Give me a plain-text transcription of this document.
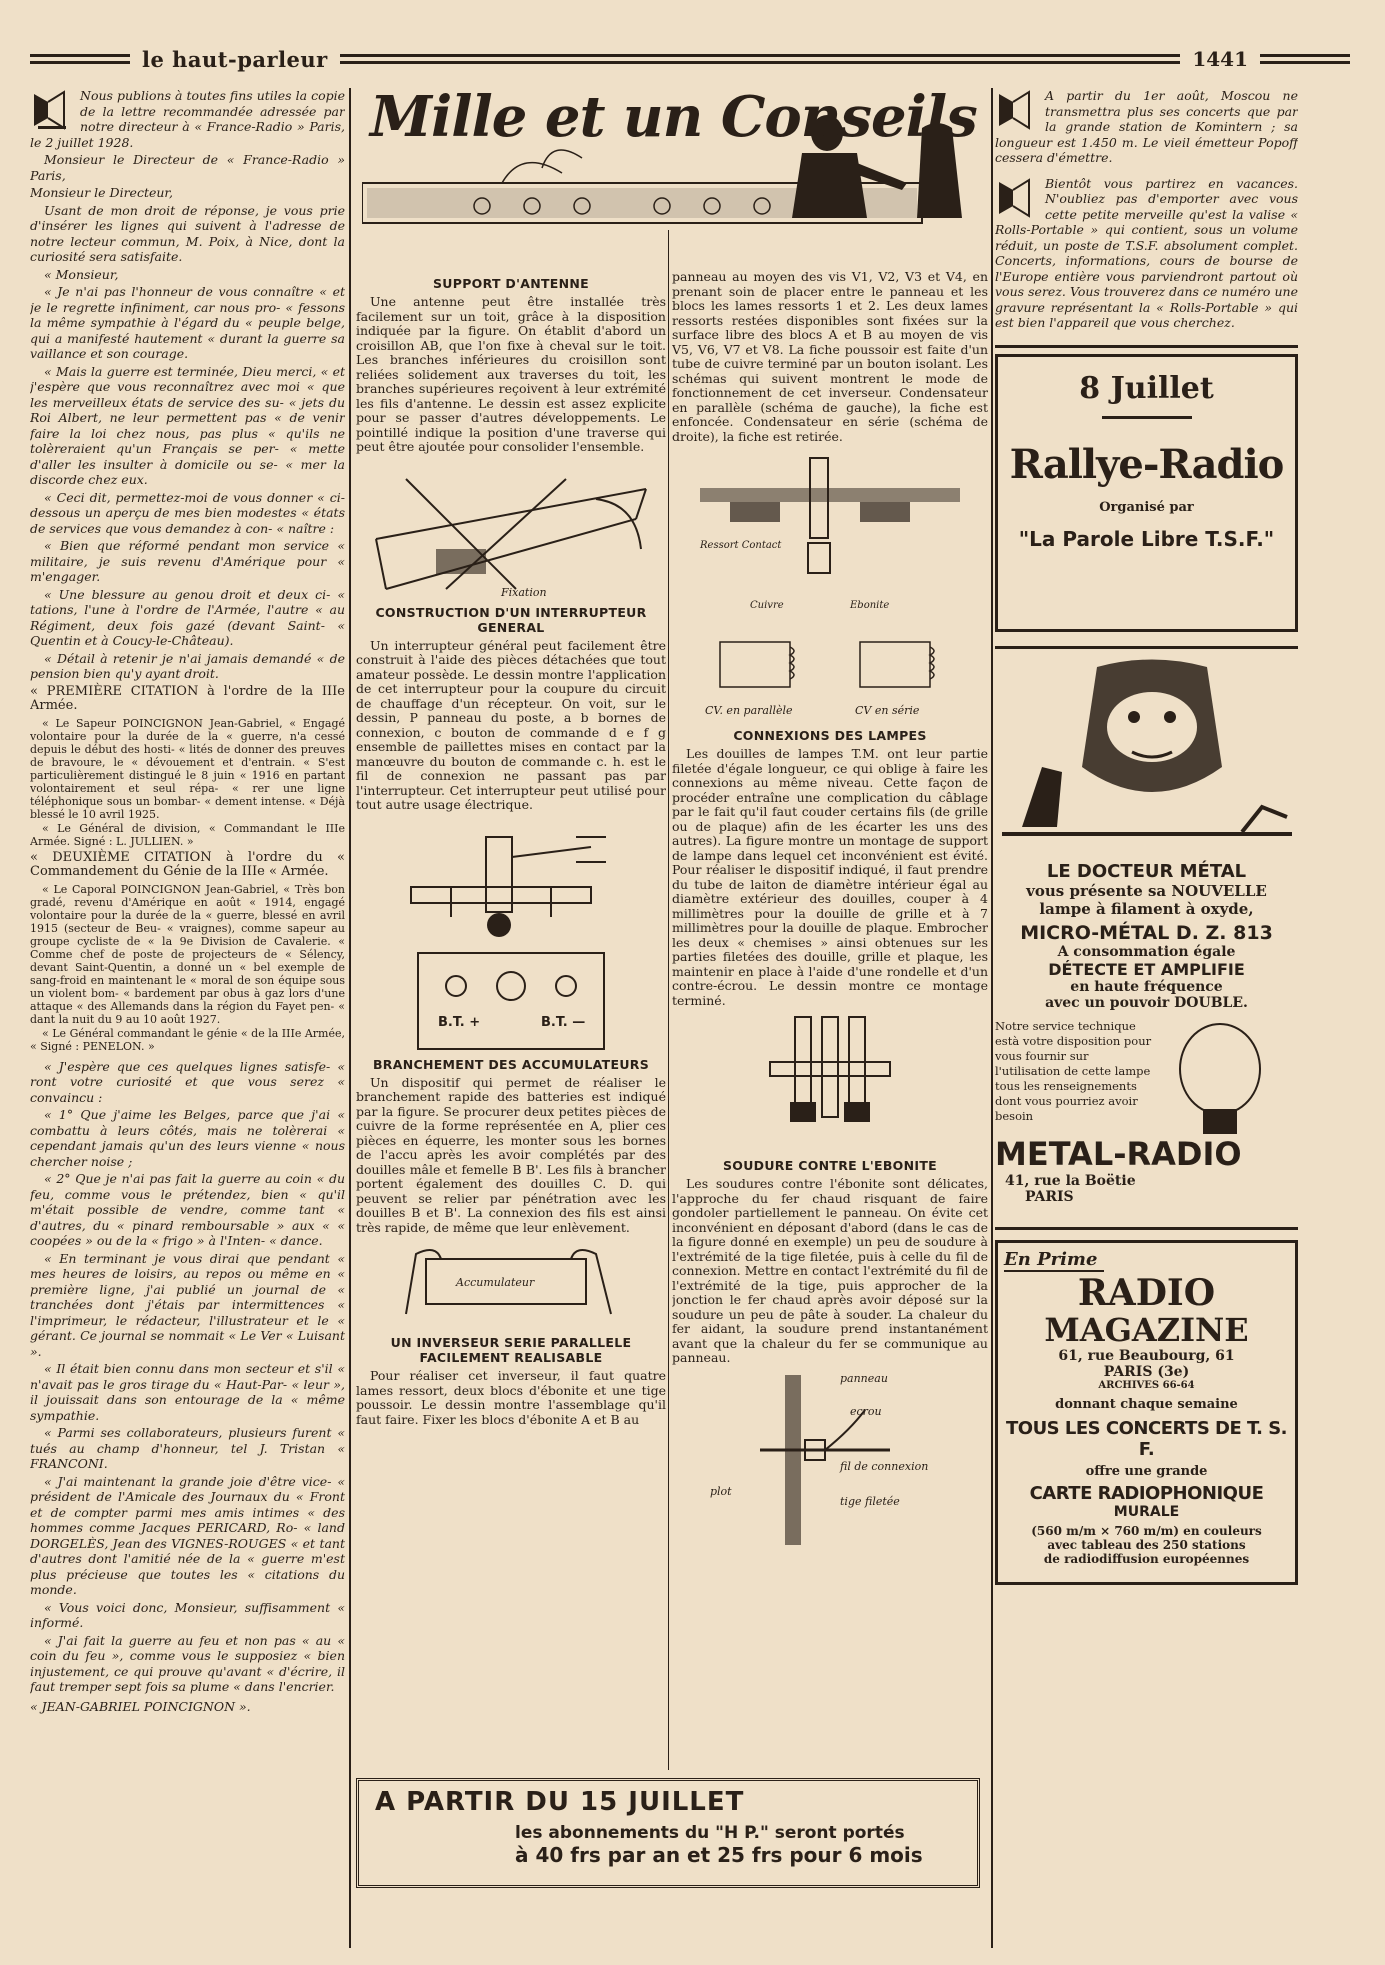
le haut-parleur	1441

Nous publions à toutes fins utiles la copie de la lettre recommandée adressée par notre directeur à « France-Radio » Paris, le 2 juillet 1928.

Monsieur le Directeur de « France-Radio » Paris,

Monsieur le Directeur,

Usant de mon droit de réponse, je vous prie d'insérer les lignes qui suivent à l'adresse de notre lecteur commun, M. Poix, à Nice, dont la curiosité sera satisfaite.

« Monsieur,

« Je n'ai pas l'honneur de vous connaître « et je le regrette infiniment, car nous pro- « fessons la même sympathie à l'égard du « peuple belge, qui a manifesté hautement « durant la guerre sa vaillance et son courage.

« Mais la guerre est terminée, Dieu merci, « et j'espère que vous reconnaîtrez avec moi « que les merveilleux états de service des su- « jets du Roi Albert, ne leur permettent pas « de venir faire la loi chez nous, pas plus « qu'ils ne tolèreraient qu'un Français se per- « mette d'aller les insulter à domicile ou se- « mer la discorde chez eux.

« Ceci dit, permettez-moi de vous donner « ci-dessous un aperçu de mes bien modestes « états de services que vous demandez à con- « naître :

« Bien que réformé pendant mon service « militaire, je suis revenu d'Amérique pour « m'engager.

« Une blessure au genou droit et deux ci- « tations, l'une à l'ordre de l'Armée, l'autre « au Régiment, deux fois gazé (devant Saint- « Quentin et à Coucy-le-Château).

« Détail à retenir je n'ai jamais demandé « de pension bien qu'y ayant droit.

« PREMIÈRE CITATION à l'ordre de la IIIe Armée.

« Le Sapeur POINCIGNON Jean-Gabriel, « Engagé volontaire pour la durée de la « guerre, n'a cessé depuis le début des hosti- « lités de donner des preuves de bravoure, le « dévouement et d'entrain. « S'est particulièrement distingué le 8 juin « 1916 en partant volontairement et seul répa- « rer une ligne téléphonique sous un bombar- « dement intense. « Déjà blessé le 10 avril 1925.

« Le Général de division, « Commandant le IIIe Armée. Signé : L. JULLIEN. »

« DEUXIÈME CITATION à l'ordre du « Commandement du Génie de la IIIe « Armée.

« Le Caporal POINCIGNON Jean-Gabriel, « Très bon gradé, revenu d'Amérique en août « 1914, engagé volontaire pour la durée de la « guerre, blessé en avril 1915 (secteur de Beu- « vraignes), comme sapeur au groupe cycliste de « la 9e Division de Cavalerie. « Comme chef de poste de projecteurs de « Sélency, devant Saint-Quentin, a donné un « bel exemple de sang-froid en maintenant le « moral de son équipe sous un violent bom- « bardement par obus à gaz lors d'une attaque « des Allemands dans la région du Fayet pen- « dant la nuit du 9 au 10 août 1927.

« Le Général commandant le génie « de la IIIe Armée, « Signé : PENELON. »

« J'espère que ces quelques lignes satisfe- « ront votre curiosité et que vous serez « convaincu :

« 1° Que j'aime les Belges, parce que j'ai « combattu à leurs côtés, mais ne tolèrerai « cependant jamais qu'un des leurs vienne « nous chercher noise ;

« 2° Que je n'ai pas fait la guerre au coin « du feu, comme vous le prétendez, bien « qu'il m'était possible de vendre, comme tant « d'autres, du « pinard remboursable » aux « « coopées » ou de la « frigo » à l'Inten- « dance.

« En terminant je vous dirai que pendant « mes heures de loisirs, au repos ou même en « première ligne, j'ai publié un journal de « tranchées dont j'étais par intermittences « l'imprimeur, le rédacteur, l'illustrateur et le « gérant. Ce journal se nommait « Le Ver « Luisant ».

« Il était bien connu dans mon secteur et s'il « n'avait pas le gros tirage du « Haut-Par- « leur », il jouissait dans son entourage de la « même sympathie.

« Parmi ses collaborateurs, plusieurs furent « tués au champ d'honneur, tel J. Tristan « FRANCONI.

« J'ai maintenant la grande joie d'être vice- « président de l'Amicale des Journaux du « Front et de compter parmi mes amis intimes « des hommes comme Jacques PERICARD, Ro- « land DORGELÈS, Jean des VIGNES-ROUGES « et tant d'autres dont l'amitié née de la « guerre m'est plus précieuse que toutes les « citations du monde.

« Vous voici donc, Monsieur, suffisamment « informé.

« J'ai fait la guerre au feu et non pas « au « coin du feu », comme vous le supposiez « bien injustement, ce qui prouve qu'avant « d'écrire, il faut tremper sept fois sa plume « dans l'encrier.

« JEAN-GABRIEL POINCIGNON ».

Mille et un Conseils
SUPPORT D'ANTENNE

Une antenne peut être installée très facilement sur un toit, grâce à la disposition indiquée par la figure. On établit d'abord un croisillon AB, que l'on fixe à cheval sur le toit. Les branches inférieures du croisillon sont reliées solidement aux traverses du toit, les branches supérieures reçoivent à leur extrémité les fils d'antenne. Le dessin est assez explicite pour se passer d'autres développements. Le pointillé indique la position d'une traverse qui peut être ajoutée pour consolider l'ensemble.

Fixation
CONSTRUCTION D'UN INTERRUPTEUR GENERAL

Un interrupteur général peut facilement être construit à l'aide des pièces détachées que tout amateur possède. Le dessin montre l'application de cet interrupteur pour la coupure du circuit de chauffage d'un récepteur. On voit, sur le dessin, P panneau du poste, a b bornes de connexion, c bouton de commande d e f g ensemble de paillettes mises en contact par la manœuvre du bouton de commande c. h. est le fil de connexion ne passant pas par l'interrupteur. Cet interrupteur peut utilisé pour tout autre usage électrique.

B.T. +	B.T. —
BRANCHEMENT DES ACCUMULATEURS

Un dispositif qui permet de réaliser le branchement rapide des batteries est indiqué par la figure. Se procurer deux petites pièces de cuivre de la forme représentée en A, plier ces pièces en équerre, les monter sous les bornes de l'accu après les avoir complétés par des douilles mâle et femelle B B'. Les fils à brancher portent également des douilles C. D. qui peuvent se relier par pénétration avec les douilles B et B'. La connexion des fils est ainsi très rapide, de même que leur enlèvement.

Accumulateur
UN INVERSEUR SERIE PARALLELE FACILEMENT REALISABLE

Pour réaliser cet inverseur, il faut quatre lames ressort, deux blocs d'ébonite et une tige poussoir. Le dessin montre l'assemblage qu'il faut faire. Fixer les blocs d'ébonite A et B au

panneau au moyen des vis V1, V2, V3 et V4, en prenant soin de placer entre le panneau et les blocs les lames ressorts 1 et 2. Les deux lames ressorts restées disponibles sont fixées sur la surface libre des blocs A et B au moyen de vis V5, V6, V7 et V8. La fiche poussoir est faite d'un tube de cuivre terminé par un bouton isolant. Les schémas qui suivent montrent le mode de fonctionnement de cet inverseur. Condensateur en parallèle (schéma de gauche), la fiche est enfoncée. Condensateur en série (schéma de droite), la fiche est retirée.

Ressort Contact
Cuivre	Ebonite
CV. en parallèle	CV en série
CONNEXIONS DES LAMPES

Les douilles de lampes T.M. ont leur partie filetée d'égale longueur, ce qui oblige à faire les connexions au même niveau. Cette façon de procéder entraîne une complication du câblage par le fait qu'il faut couder certains fils (de grille ou de plaque) afin de les écarter les uns des autres). La figure montre un montage de support de lampe dans lequel cet inconvénient est évité. Pour réaliser le dispositif indiqué, il faut prendre du tube de laiton de diamètre intérieur égal au diamètre extérieur des douilles, couper à 4 millimètres pour la douille de grille et à 7 millimètres pour la douille de plaque. Embrocher les deux « chemises » ainsi obtenues sur les parties filetées des douille, grille et plaque, les maintenir en place à l'aide d'une rondelle et d'un contre-écrou. Le dessin montre ce montage terminé.

SOUDURE CONTRE L'EBONITE

Les soudures contre l'ébonite sont délicates, l'approche du fer chaud risquant de faire gondoler partiellement le panneau. On évite cet inconvénient en déposant d'abord (dans le cas de la figure donné en exemple) un peu de soudure à l'extrémité de la tige filetée, puis à celle du fil de connexion. Mettre en contact l'extrémité du fil de l'extrémité de la tige, puis approcher de la jonction le fer chaud après avoir déposé sur la soudure un peu de pâte à souder. La chaleur du fer aidant, la soudure prend instantanément avant que la chaleur du fer se communique au panneau.

panneau
ecrou
fil de connexion
plot
tige filetée

A partir du 1er août, Moscou ne transmettra plus ses concerts que par la grande station de Komintern ; sa longueur est 1.450 m. Le vieil émetteur Popoff cessera d'émettre.

Bientôt vous partirez en vacances. N'oubliez pas d'emporter avec vous cette petite merveille qu'est la valise « Rolls-Portable » qui contient, sous un volume réduit, un poste de T.S.F. absolument complet. Concerts, informations, cours de bourse de l'Europe entière vous parviendront partout où vous serez. Vous trouverez dans ce numéro une gravure représentant la « Rolls-Portable » qui est bien l'appareil que vous cherchez.

8 Juillet
Rallye-Radio
Organisé par
"La Parole Libre T.S.F."
LE DOCTEUR MÉTAL
vous présente sa NOUVELLE
lampe à filament à oxyde,
MICRO-MÉTAL D. Z. 813
A consommation égale
DÉTECTE ET AMPLIFIE
en haute fréquence
avec un pouvoir DOUBLE.
Notre service technique està votre disposition pour vous fournir sur l'utilisation de cette lampe tous les renseignements dont vous pourriez avoir besoin
METAL-RADIO
41, rue la Boëtie
PARIS
En Prime
RADIO
MAGAZINE
61, rue Beaubourg, 61
PARIS (3e)
ARCHIVES 66-64
donnant chaque semaine
TOUS LES CONCERTS DE T. S. F.
offre une grande
CARTE RADIOPHONIQUE
MURALE
(560 m/m × 760 m/m) en couleurs
avec tableau des 250 stations
de radiodiffusion européennes
A PARTIR DU 15 JUILLET
les abonnements du "H P." seront portés
à 40 frs par an et 25 frs pour 6 mois
